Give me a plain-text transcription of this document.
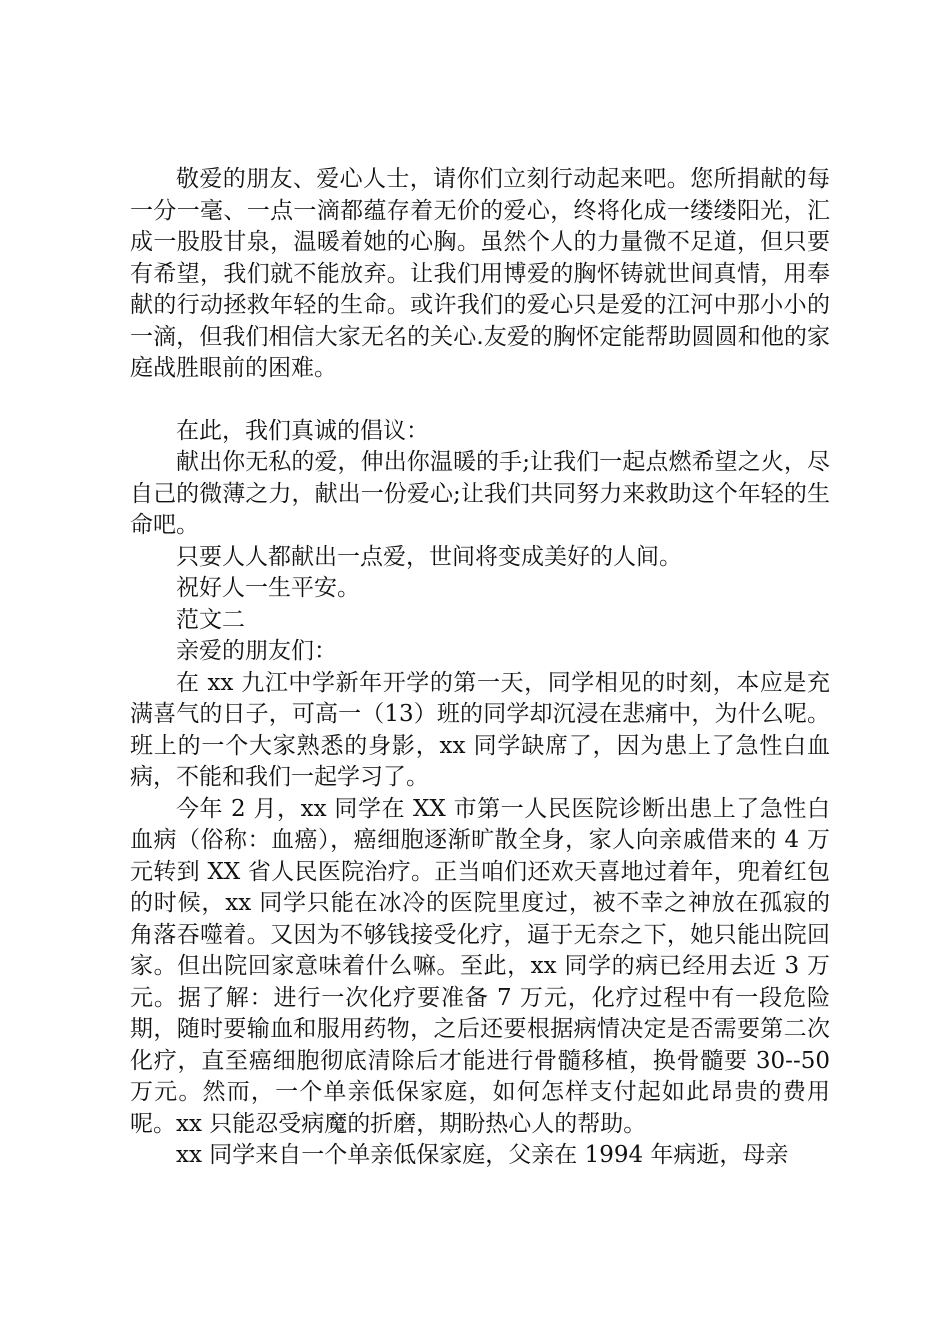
敬爱的朋友、爱心人士，请你们立刻行动起来吧。您所捐献的每一分一毫、一点一滴都蕴存着无价的爱心，终将化成一缕缕阳光，汇成一股股甘泉，温暖着她的心胸。虽然个人的力量微不足道，但只要有希望，我们就不能放弃。让我们用博爱的胸怀铸就世间真情，用奉献的行动拯救年轻的生命。或许我们的爱心只是爱的江河中那小小的一滴，但我们相信大家无名的关心.友爱的胸怀定能帮助圆圆和他的家庭战胜眼前的困难。

在此，我们真诚的倡议：

献出你无私的爱，伸出你温暖的手;让我们一起点燃希望之火，尽自己的微薄之力，献出一份爱心;让我们共同努力来救助这个年轻的生命吧。

只要人人都献出一点爱，世间将变成美好的人间。

祝好人一生平安。

范文二

亲爱的朋友们：

在 xx 九江中学新年开学的第一天，同学相见的时刻，本应是充满喜气的日子，可高一（13）班的同学却沉浸在悲痛中，为什么呢。班上的一个大家熟悉的身影，xx 同学缺席了，因为患上了急性白血病，不能和我们一起学习了。

今年 2 月，xx 同学在 XX 市第一人民医院诊断出患上了急性白血病（俗称：血癌），癌细胞逐渐旷散全身，家人向亲戚借来的 4 万元转到 XX 省人民医院治疗。正当咱们还欢天喜地过着年，兜着红包的时候，xx 同学只能在冰冷的医院里度过，被不幸之神放在孤寂的角落吞噬着。又因为不够钱接受化疗，逼于无奈之下，她只能出院回家。但出院回家意味着什么嘛。至此，xx 同学的病已经用去近 3 万元。据了解：进行一次化疗要准备 7 万元，化疗过程中有一段危险期，随时要输血和服用药物，之后还要根据病情决定是否需要第二次化疗，直至癌细胞彻底清除后才能进行骨髓移植，换骨髓要 30--50 万元。然而，一个单亲低保家庭，如何怎样支付起如此昂贵的费用呢。xx 只能忍受病魔的折磨，期盼热心人的帮助。

xx 同学来自一个单亲低保家庭，父亲在 1994 年病逝，母亲
